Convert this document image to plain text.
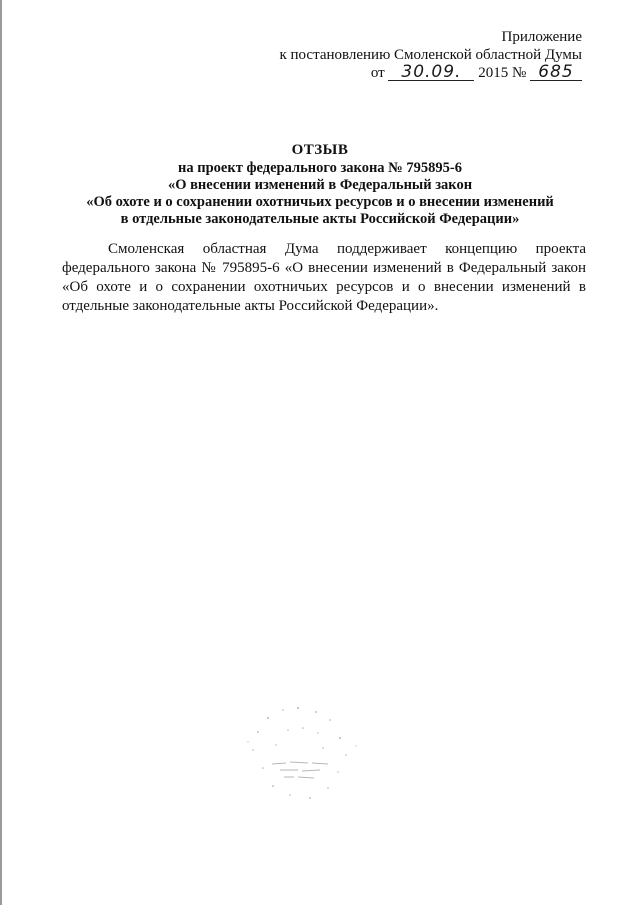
Приложение
к постановлению Смоленской областной Думы
от 30.09. 2015 № 685
ОТЗЫВ
на проект федерального закона № 795895-6
«О внесении изменений в Федеральный закон
«Об охоте и о сохранении охотничьих ресурсов и о внесении изменений
в отдельные законодательные акты Российской Федерации»
Смоленская областная Дума поддерживает концепцию проекта федерального закона № 795895-6 «О внесении изменений в Федеральный закон «Об охоте и о сохранении охотничьих ресурсов и о внесении изменений в отдельные законодательные акты Российской Федерации».
